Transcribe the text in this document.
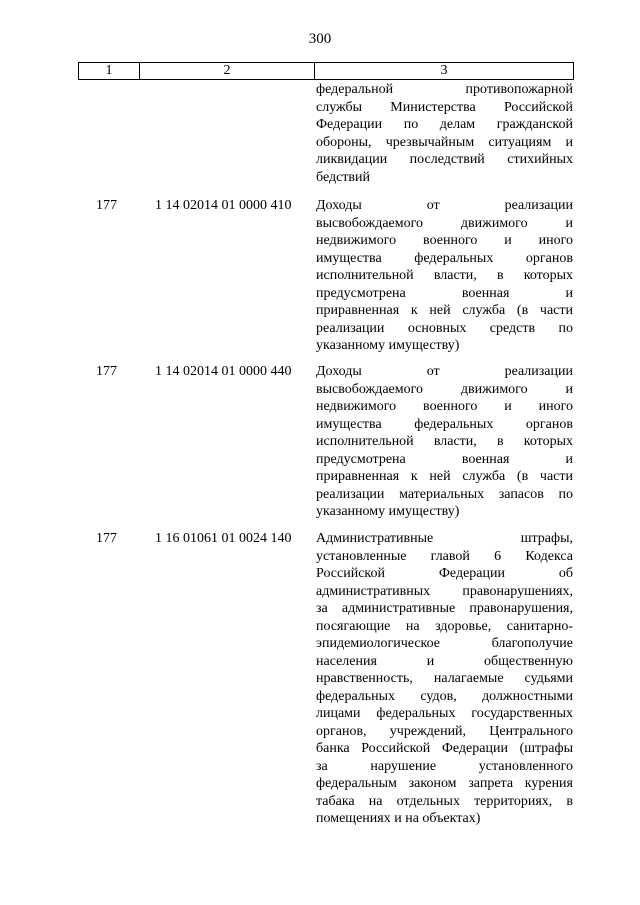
300
1	2	3
федеральной противопожарной
службы Министерства Российской
Федерации по делам гражданской
обороны, чрезвычайным ситуациям и
ликвидации последствий стихийных
бедствий
177	1 14 02014 01 0000 410	Доходы от реализации
высвобождаемого движимого и
недвижимого военного и иного
имущества федеральных органов
исполнительной власти, в которых
предусмотрена военная и
приравненная к ней служба (в части
реализации основных средств по
указанному имуществу)
177	1 14 02014 01 0000 440	Доходы от реализации
высвобождаемого движимого и
недвижимого военного и иного
имущества федеральных органов
исполнительной власти, в которых
предусмотрена военная и
приравненная к ней служба (в части
реализации материальных запасов по
указанному имуществу)
177	1 16 01061 01 0024 140	Административные штрафы,
установленные главой 6 Кодекса
Российской Федерации об
административных правонарушениях,
за административные правонарушения,
посягающие на здоровье, санитарно-
эпидемиологическое благополучие
населения и общественную
нравственность, налагаемые судьями
федеральных судов, должностными
лицами федеральных государственных
органов, учреждений, Центрального
банка Российской Федерации (штрафы
за нарушение установленного
федеральным законом запрета курения
табака на отдельных территориях, в
помещениях и на объектах)
